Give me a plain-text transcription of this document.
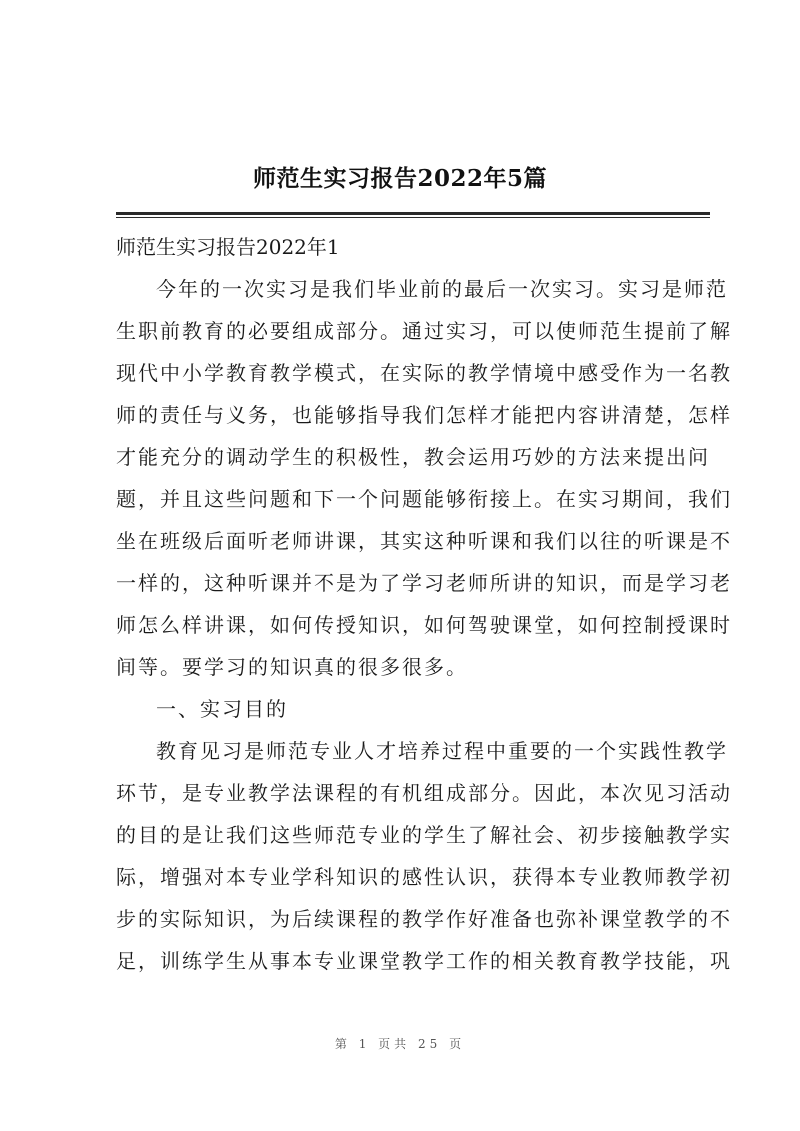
师范生实习报告2022年5篇
师范生实习报告2022年1
今年的一次实习是我们毕业前的最后一次实习。实习是师范
生职前教育的必要组成部分。通过实习，可以使师范生提前了解
现代中小学教育教学模式，在实际的教学情境中感受作为一名教
师的责任与义务，也能够指导我们怎样才能把内容讲清楚，怎样
才能充分的调动学生的积极性，教会运用巧妙的方法来提出问
题，并且这些问题和下一个问题能够衔接上。在实习期间，我们
坐在班级后面听老师讲课，其实这种听课和我们以往的听课是不
一样的，这种听课并不是为了学习老师所讲的知识，而是学习老
师怎么样讲课，如何传授知识，如何驾驶课堂，如何控制授课时
间等。要学习的知识真的很多很多。
一、实习目的
教育见习是师范专业人才培养过程中重要的一个实践性教学
环节，是专业教学法课程的有机组成部分。因此，本次见习活动
的目的是让我们这些师范专业的学生了解社会、初步接触教学实
际，增强对本专业学科知识的感性认识，获得本专业教师教学初
步的实际知识，为后续课程的教学作好准备也弥补课堂教学的不
足，训练学生从事本专业课堂教学工作的相关教育教学技能，巩
第 1 页共 25 页
